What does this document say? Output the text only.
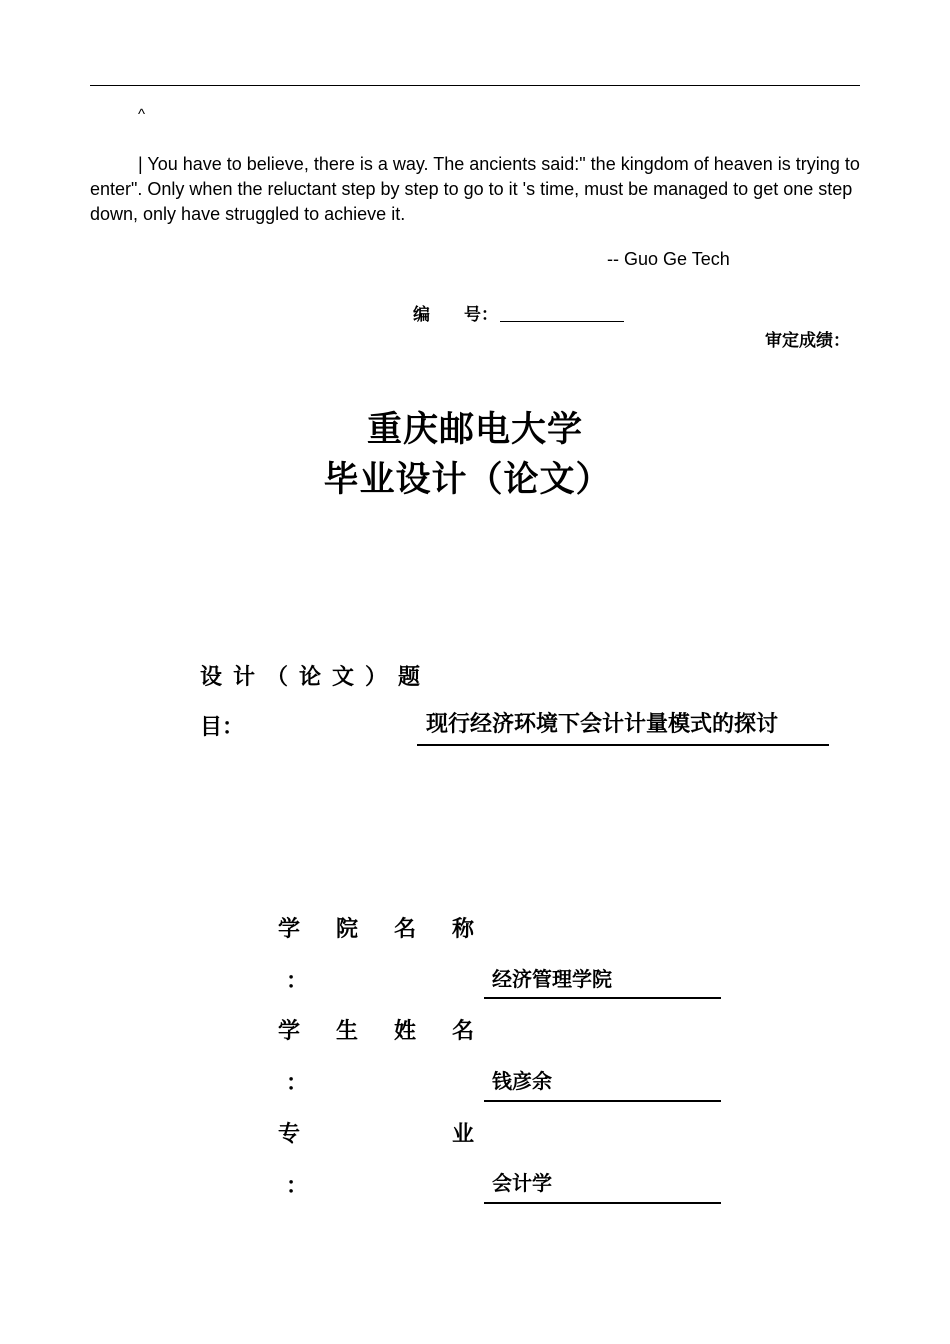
^
| You have to believe, there is a way. The ancients said:" the kingdom of heaven is trying to enter". Only when the reluctant step by step to go to it 's time, must be managed to get one step down, only have struggled to achieve it.
-- Guo Ge Tech
编 号：
审定成绩：
重庆邮电大学
毕业设计（论文）
设计（论文）题
目：	现行经济环境下会计计量模式的探讨
学 院 名 称
：	经济管理学院
学 生 姓 名
：	钱彦余
专	业
：	会计学
